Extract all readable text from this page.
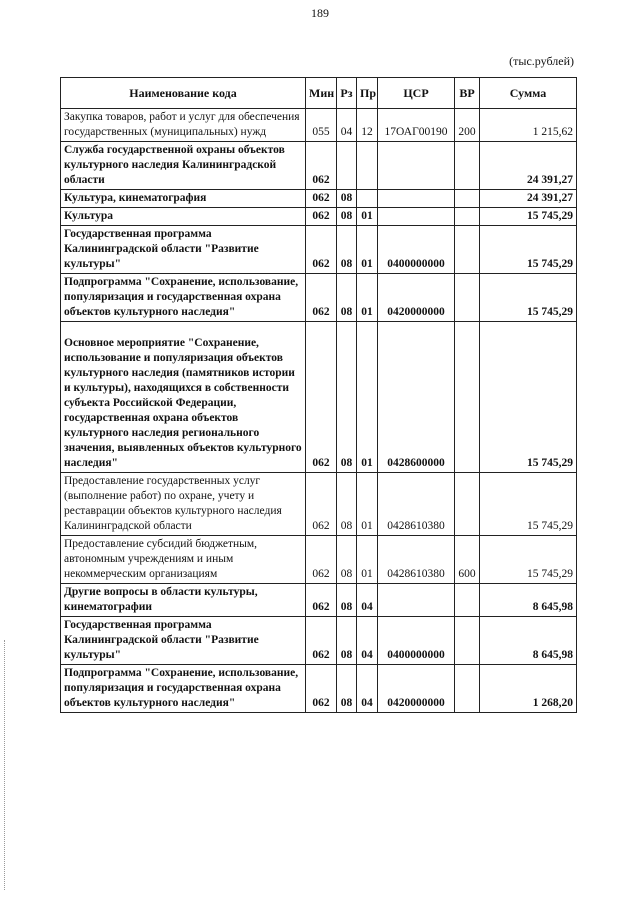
189
(тыс.рублей)
Наименование кода	Мин	Рз	Пр	ЦСР	ВР	Сумма
Закупка товаров, работ и услуг для обеспечения государственных (муниципальных) нужд	055	04	12	17ОАГ00190	200	1 215,62
Служба государственной охраны объектов культурного наследия Калининградской области	062					24 391,27
Культура, кинематография	062	08				24 391,27
Культура	062	08	01			15 745,29
Государственная программа Калининградской области "Развитие культуры"	062	08	01	0400000000		15 745,29
Подпрограмма "Сохранение, использование, популяризация и государственная охрана объектов культурного наследия"	062	08	01	0420000000		15 745,29
Основное мероприятие "Сохранение, использование и популяризация объектов культурного наследия (памятников истории и культуры), находящихся в собственности субъекта Российской Федерации, государственная охрана объектов культурного наследия регионального значения, выявленных объектов культурного наследия"	062	08	01	0428600000		15 745,29
Предоставление государственных услуг (выполнение работ) по охране, учету и реставрации объектов культурного наследия Калининградской области	062	08	01	0428610380		15 745,29
Предоставление субсидий бюджетным, автономным учреждениям и иным некоммерческим организациям	062	08	01	0428610380	600	15 745,29
Другие вопросы в области культуры, кинематографии	062	08	04			8 645,98
Государственная программа Калининградской области "Развитие культуры"	062	08	04	0400000000		8 645,98
Подпрограмма "Сохранение, использование, популяризация и государственная охрана объектов культурного наследия"	062	08	04	0420000000		1 268,20
